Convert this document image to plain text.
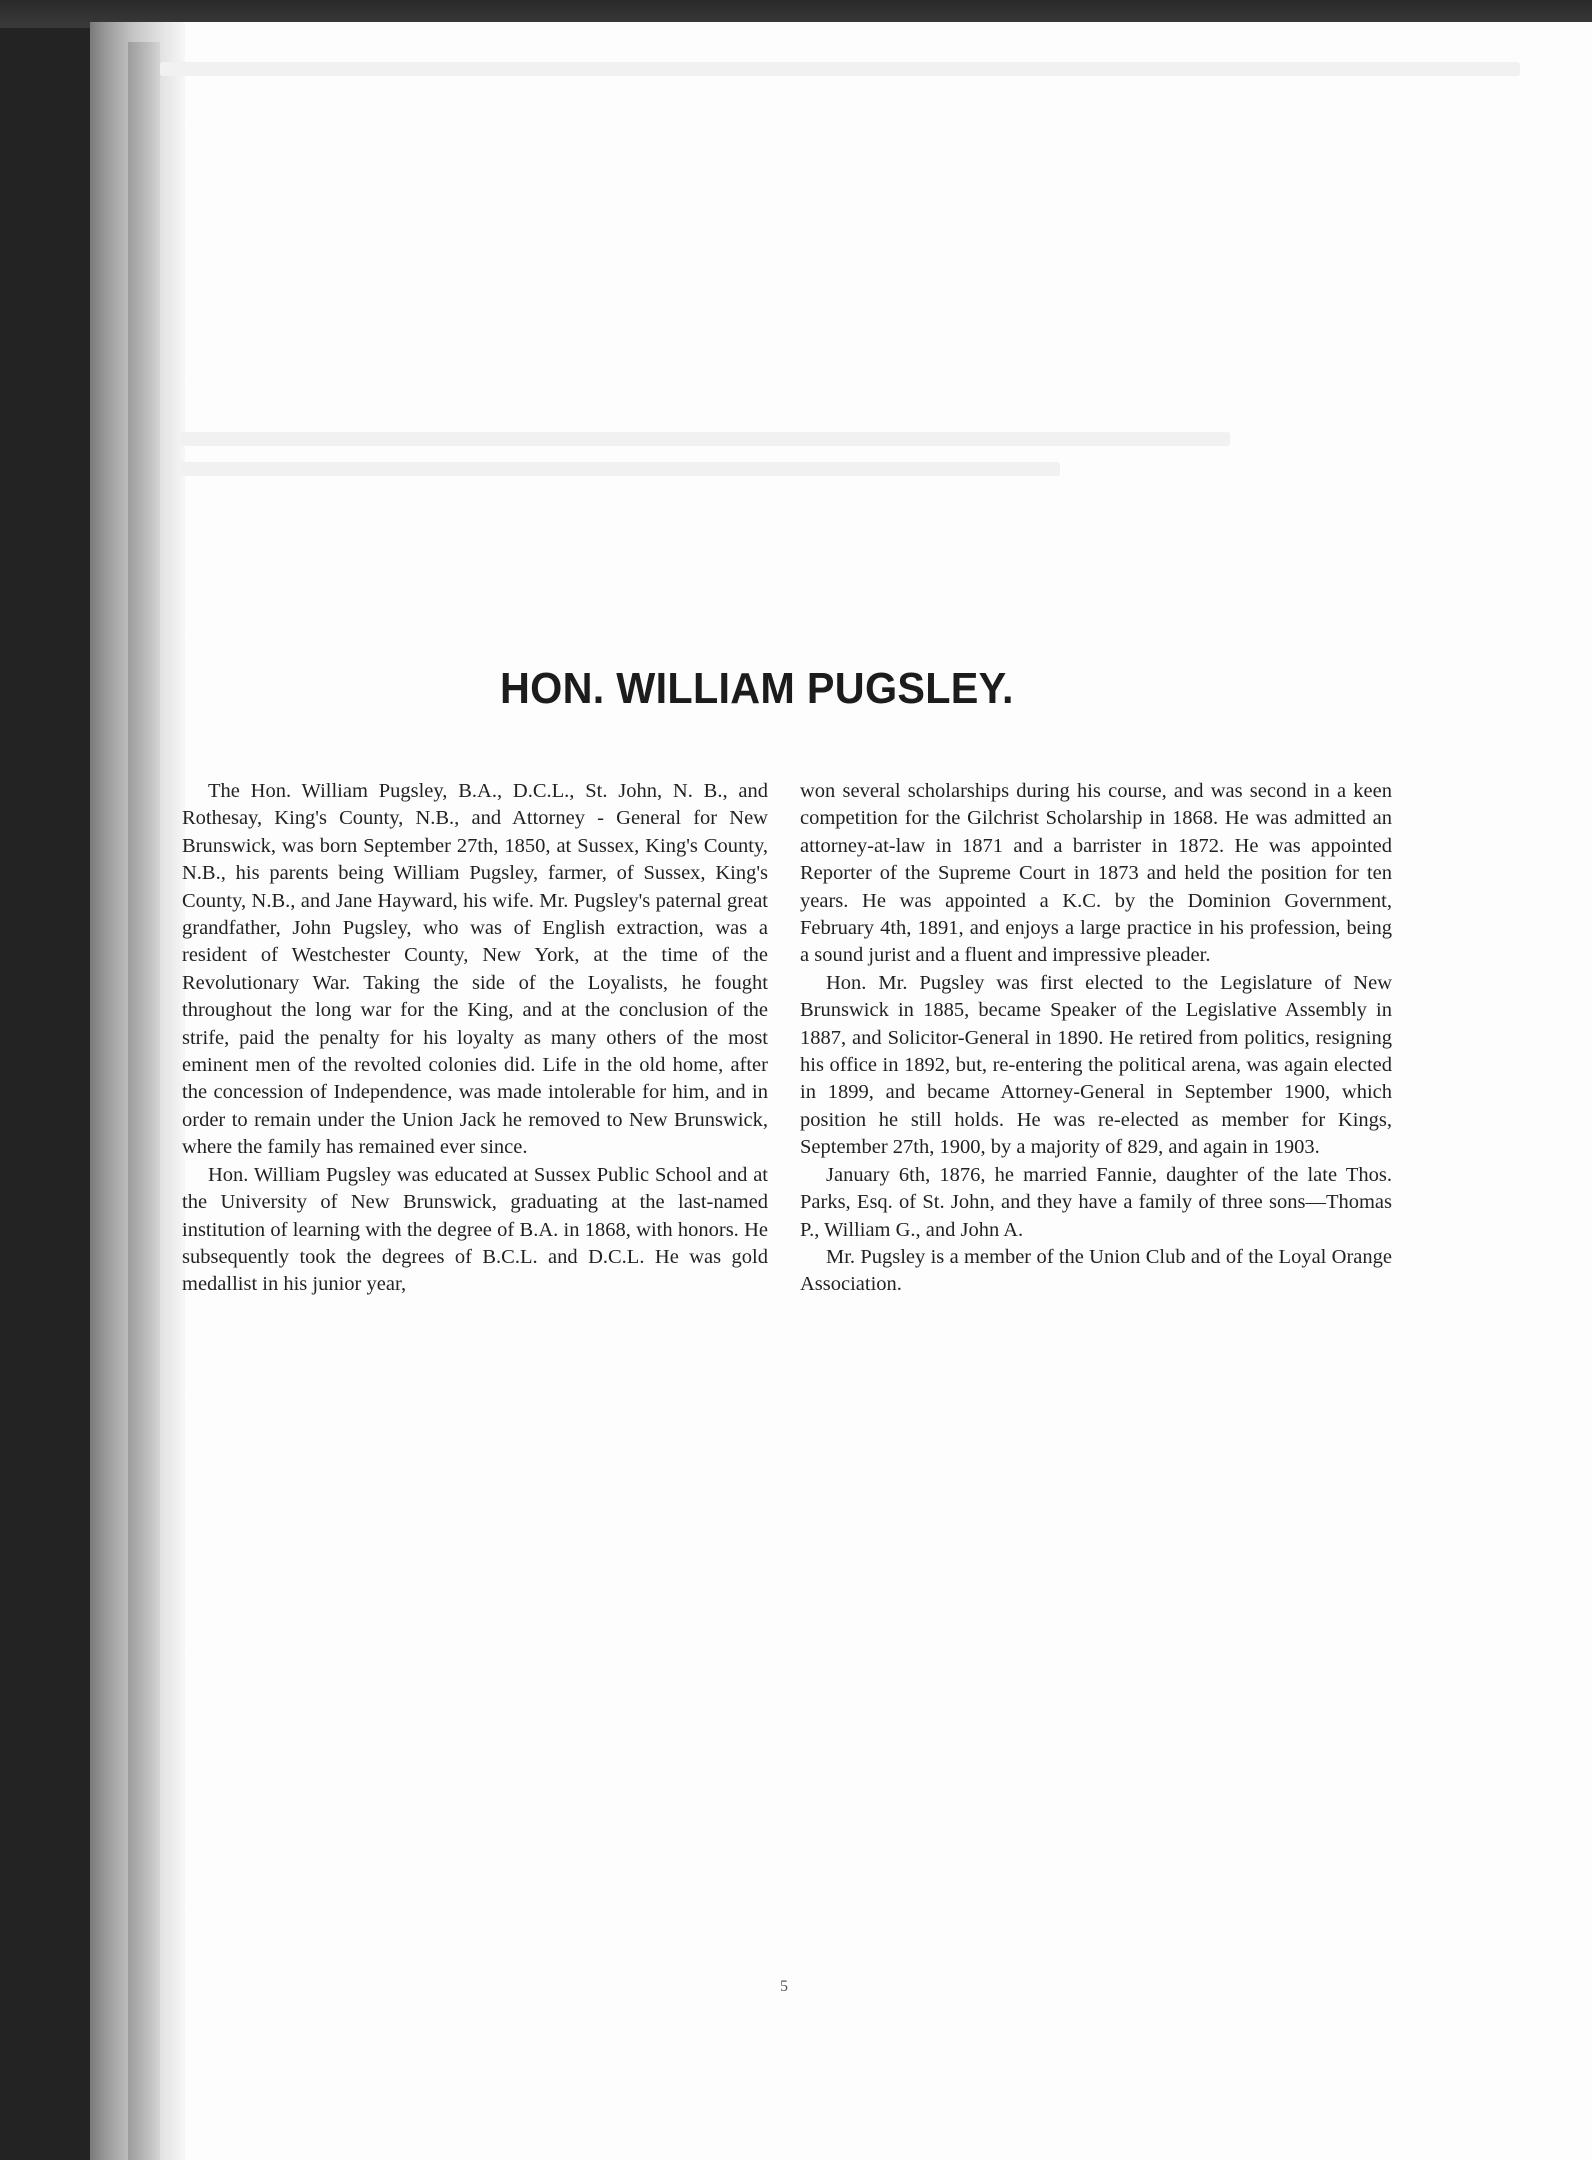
HON. WILLIAM PUGSLEY.

The Hon. William Pugsley, B.A., D.C.L., St. John, N. B., and Rothesay, King's County, N.B., and Attorney - General for New Brunswick, was born September 27th, 1850, at Sussex, King's County, N.B., his parents being William Pugsley, farmer, of Sussex, King's County, N.B., and Jane Hayward, his wife. Mr. Pugsley's paternal great grandfather, John Pugsley, who was of English extraction, was a resident of Westchester County, New York, at the time of the Revolutionary War. Taking the side of the Loyalists, he fought throughout the long war for the King, and at the conclusion of the strife, paid the penalty for his loyalty as many others of the most eminent men of the revolted colonies did. Life in the old home, after the concession of Independence, was made intolerable for him, and in order to remain under the Union Jack he removed to New Brunswick, where the family has remained ever since.

Hon. William Pugsley was educated at Sussex Public School and at the University of New Brunswick, graduating at the last-named institution of learning with the degree of B.A. in 1868, with honors. He subsequently took the degrees of B.C.L. and D.C.L. He was gold medallist in his junior year,

won several scholarships during his course, and was second in a keen competition for the Gilchrist Scholarship in 1868. He was admitted an attorney-at-law in 1871 and a barrister in 1872. He was appointed Reporter of the Supreme Court in 1873 and held the position for ten years. He was appointed a K.C. by the Dominion Government, February 4th, 1891, and enjoys a large practice in his profession, being a sound jurist and a fluent and impressive pleader.

Hon. Mr. Pugsley was first elected to the Legislature of New Brunswick in 1885, became Speaker of the Legislative Assembly in 1887, and Solicitor-General in 1890. He retired from politics, resigning his office in 1892, but, re-entering the political arena, was again elected in 1899, and became Attorney-General in September 1900, which position he still holds. He was re-elected as member for Kings, September 27th, 1900, by a majority of 829, and again in 1903.

January 6th, 1876, he married Fannie, daughter of the late Thos. Parks, Esq. of St. John, and they have a family of three sons—Thomas P., William G., and John A.

Mr. Pugsley is a member of the Union Club and of the Loyal Orange Association.

5
